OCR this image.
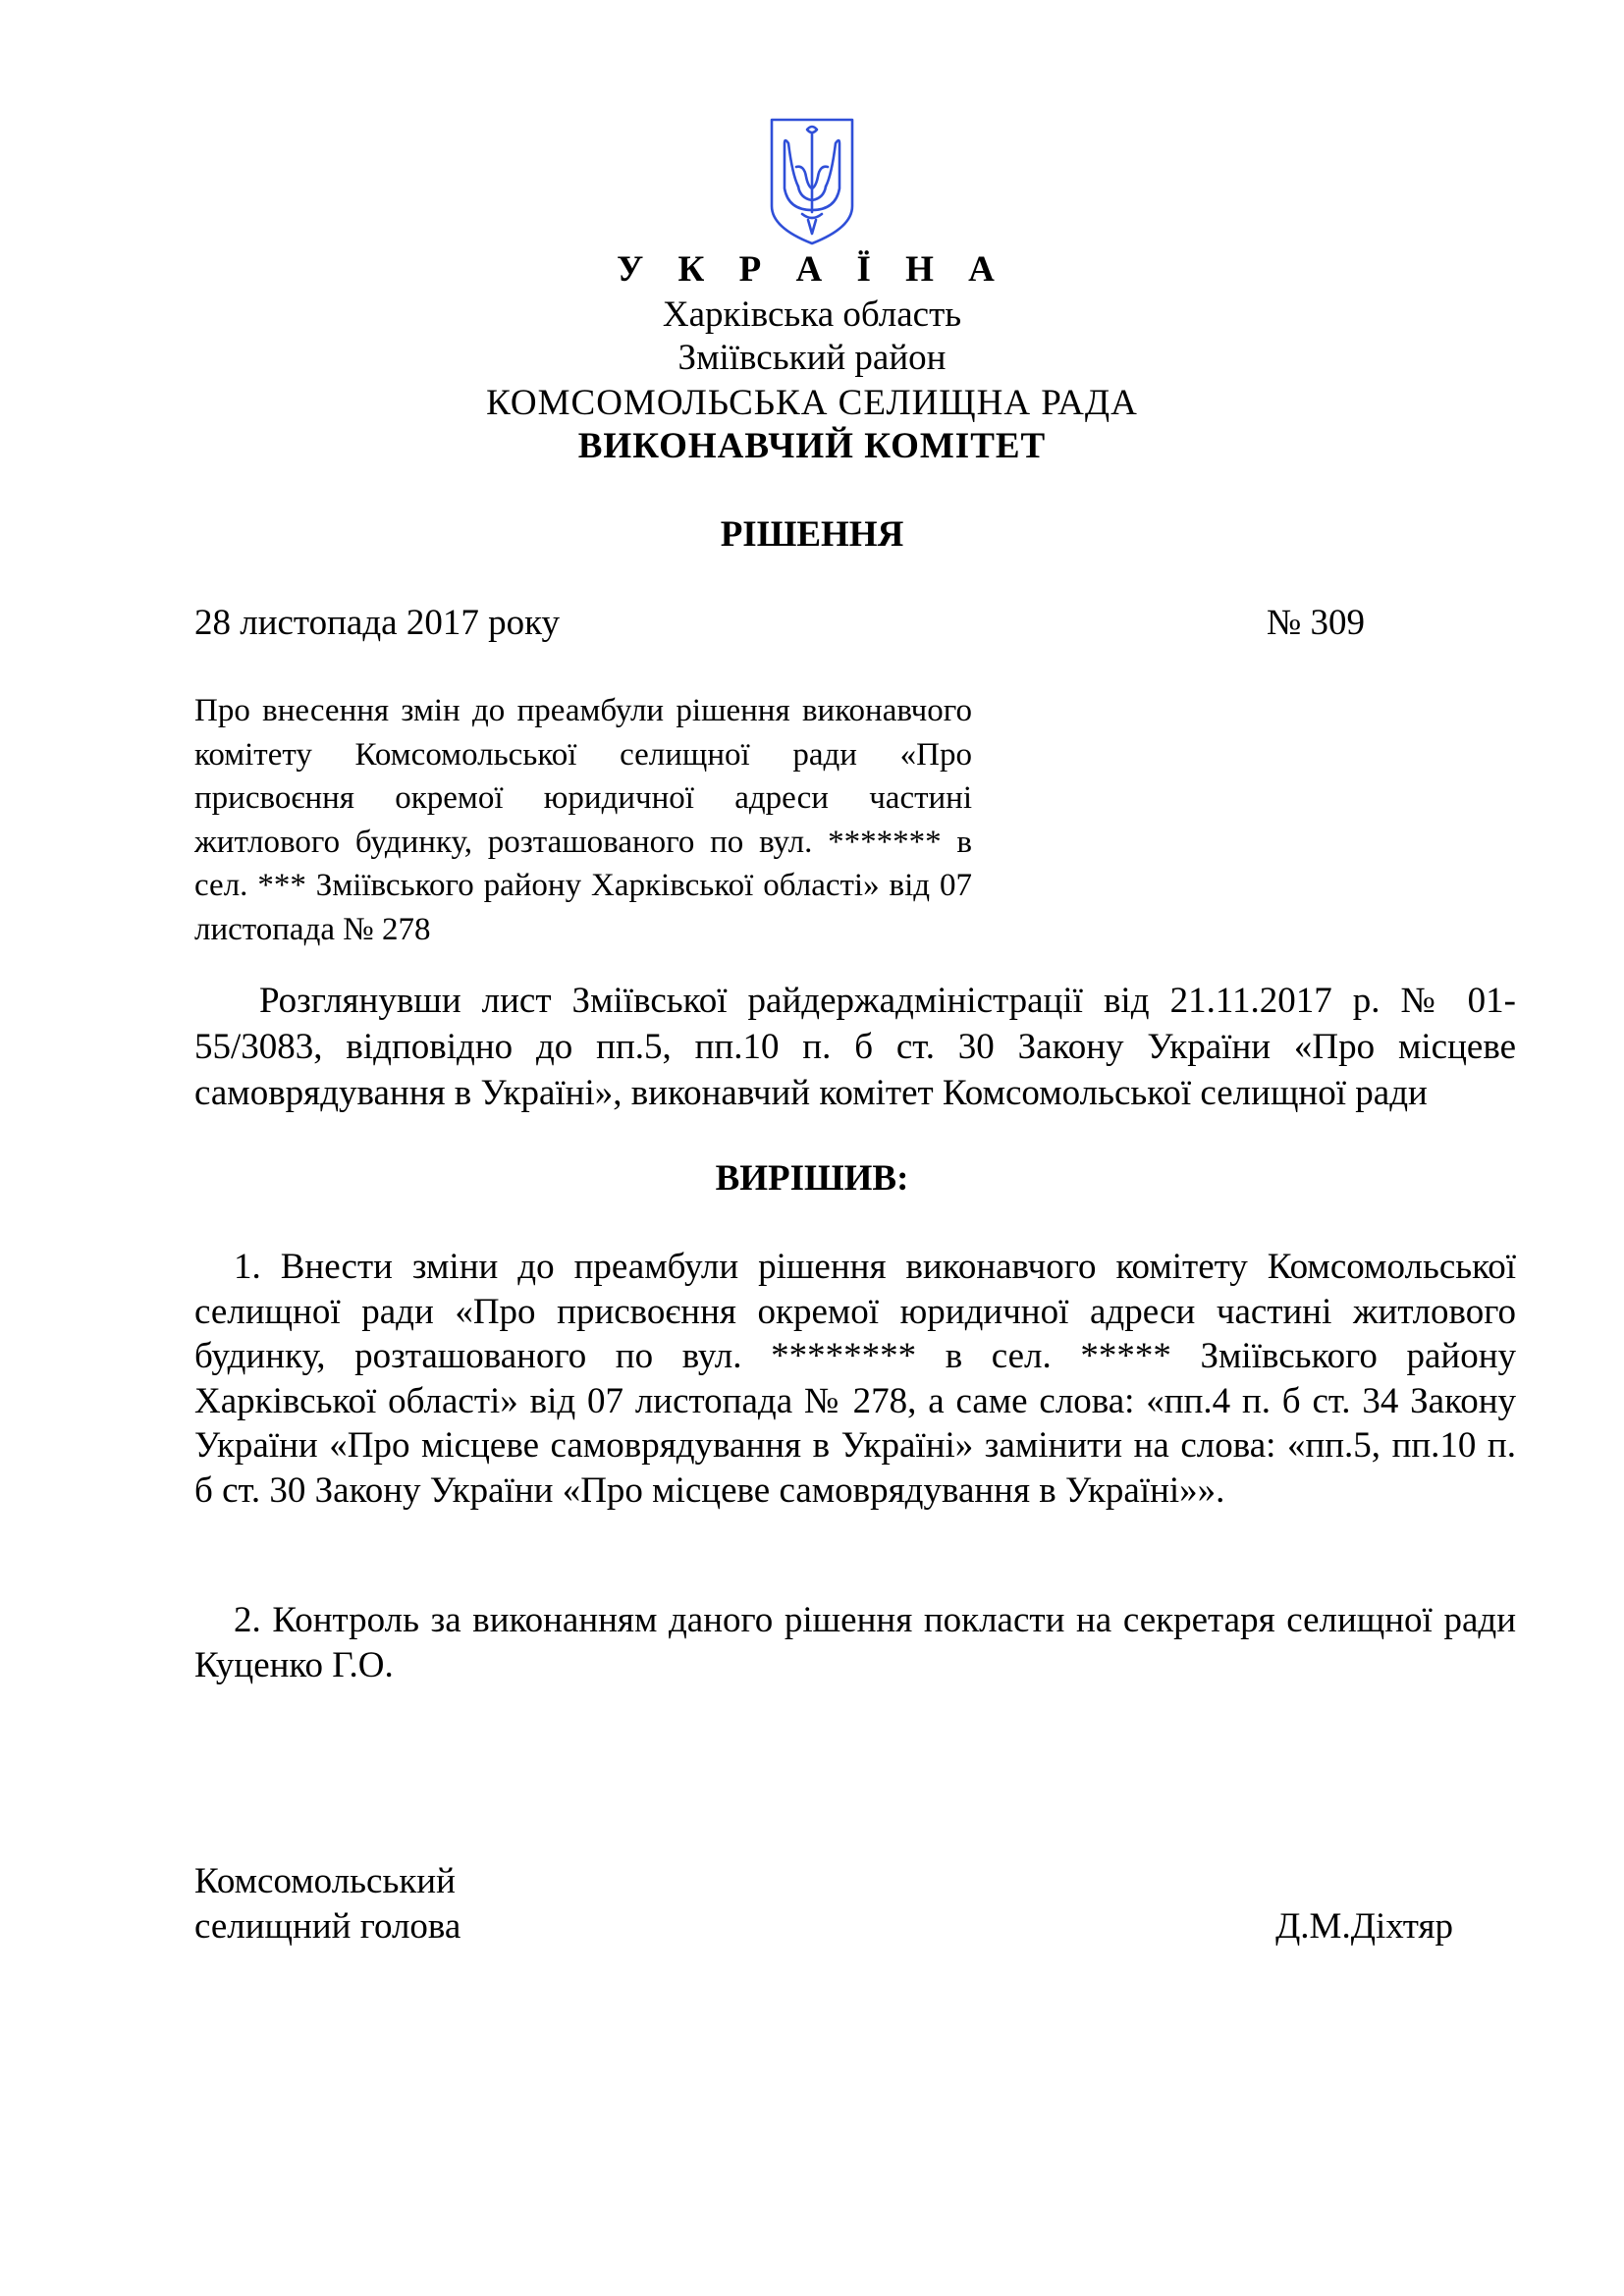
У К Р А Ї Н А
Харківська область
Зміївський район
КОМСОМОЛЬСЬКА СЕЛИЩНА РАДА
ВИКОНАВЧИЙ КОМІТЕТ
РІШЕННЯ
28 листопада 2017 року	№ 309
Про внесення змін до преамбули рішення виконавчого комітету Комсомольської селищної ради «Про присвоєння окремої юридичної адреси частині житлового будинку, розташованого по вул. ******* в сел. *** Зміївського району Харківської області» від 07 листопада № 278
Розглянувши лист Зміївської райдержадміністрації від 21.11.2017 р. № 01-55/3083, відповідно до пп.5, пп.10 п. б ст. 30 Закону України «Про місцеве самоврядування в Україні», виконавчий комітет Комсомольської селищної ради
ВИРІШИВ:
1. Внести зміни до преамбули рішення виконавчого комітету Комсомольської селищної ради «Про присвоєння окремої юридичної адреси частині житлового будинку, розташованого по вул. ******** в сел. ***** Зміївського району Харківської області» від 07 листопада № 278, а саме слова: «пп.4 п. б ст. 34 Закону України «Про місцеве самоврядування в Україні» замінити на слова: «пп.5, пп.10 п. б ст. 30 Закону України «Про місцеве самоврядування в Україні»».
2. Контроль за виконанням даного рішення покласти на секретаря селищної ради Куценко Г.О.
Комсомольський
селищний голова	Д.М.Діхтяр
